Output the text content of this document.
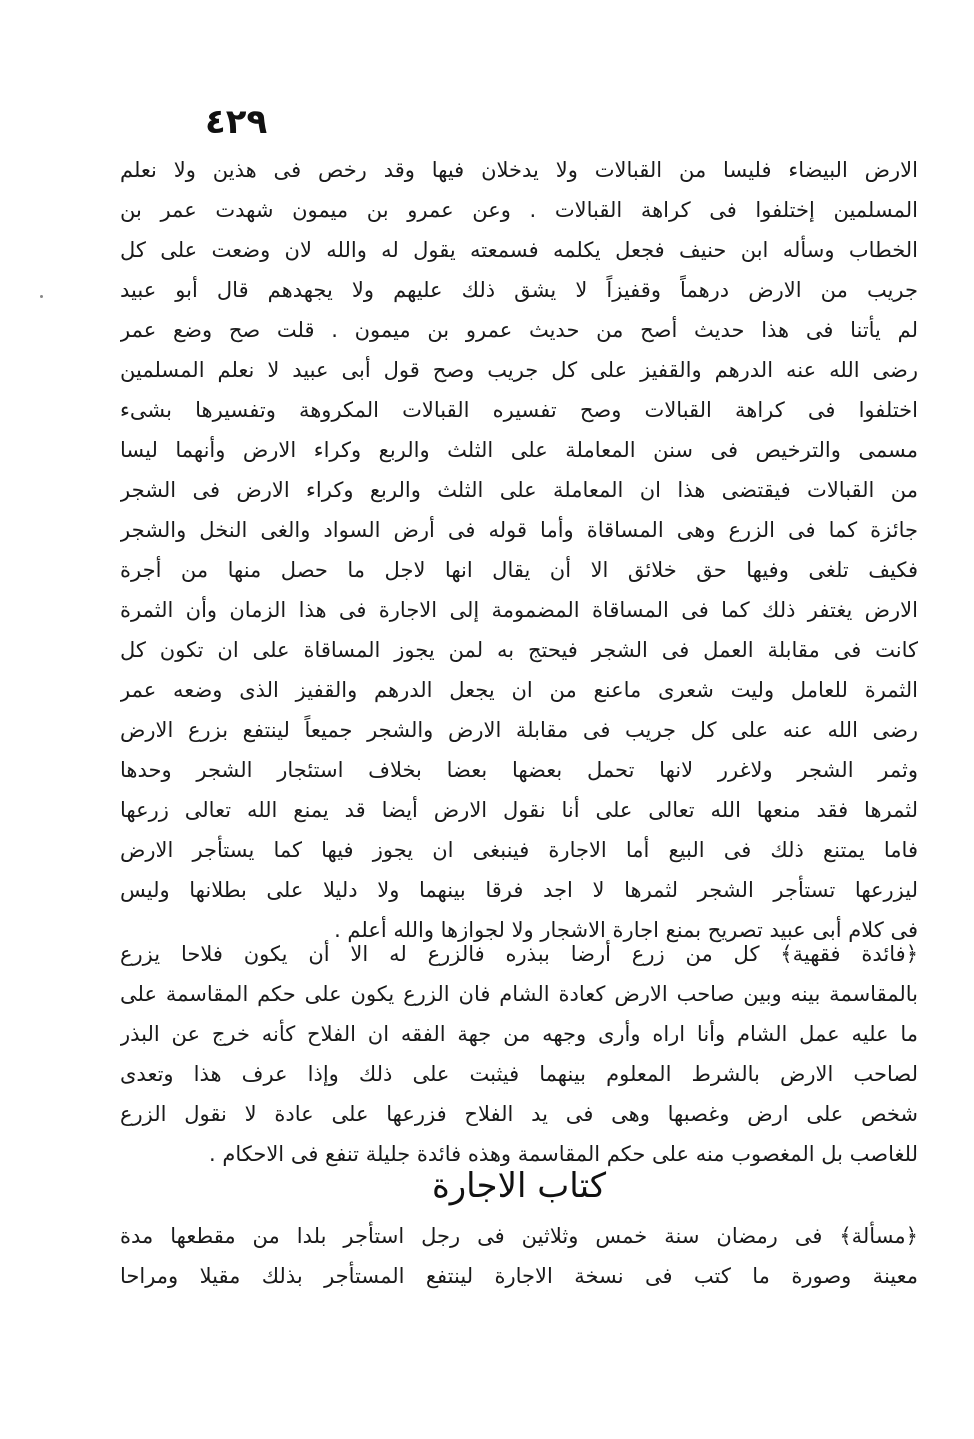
٤٢٩
الارض البيضاء فليسا من القبالات ولا يدخلان فيها وقد رخص فى هذين ولا نعلم
المسلمين إختلفوا فى كراهة القبالات . وعن عمرو بن ميمون شهدت عمر بن
الخطاب وسأله ابن حنيف فجعل يكلمه فسمعته يقول له والله لان وضعت على كل
جريب من الارض درهماً وقفيزاً لا يشق ذلك عليهم ولا يجهدهم قال أبو عبيد
لم يأتنا فى هذا حديث أصح من حديث عمرو بن ميمون . قلت صح وضع عمر
رضى الله عنه الدرهم والقفيز على كل جريب وصح قول أبى عبيد لا نعلم المسلمين
اختلفوا فى كراهة القبالات وصح تفسيره القبالات المكروهة وتفسيرها بشىء
مسمى والترخيص فى سنن المعاملة على الثلث والربع وكراء الارض وأنهما ليسا
من القبالات فيقتضى هذا ان المعاملة على الثلث والربع وكراء الارض فى الشجر
جائزة كما فى الزرع وهى المساقاة وأما قوله فى أرض السواد والغى النخل والشجر
فكيف تلغى وفيها حق خلائق الا أن يقال انها لاجل ما حصل منها من أجرة
الارض يغتفر ذلك كما فى المساقاة المضمومة إلى الاجارة فى هذا الزمان وأن الثمرة
كانت فى مقابلة العمل فى الشجر فيحتج به لمن يجوز المساقاة على ان تكون كل
الثمرة للعامل وليت شعرى ماعنع من ان يجعل الدرهم والقفيز الذى وضعه عمر
رضى الله عنه على كل جريب فى مقابلة الارض والشجر جميعاً لينتفع بزرع الارض
وثمر الشجر ولاغرر لانها تحمل بعضها بعضا بخلاف استئجار الشجر وحدها
لثمرها فقد منعها الله تعالى على أنا نقول الارض أيضا قد يمنع الله تعالى زرعها
فاما يمتنع ذلك فى البيع أما الاجارة فينبغى ان يجوز فيها كما يستأجر الارض
ليزرعها تستأجر الشجر لثمرها لا اجد فرقا بينهما ولا دليلا على بطلانها وليس
فى كلام أبى عبيد تصريح بمنع اجارة الاشجار ولا لجوازها والله أعلم .
﴿فائدة فقهية﴾ كل من زرع أرضا ببذره فالزرع له الا أن يكون فلاحا يزرع
بالمقاسمة بينه وبين صاحب الارض كعادة الشام فان الزرع يكون على حكم المقاسمة على
ما عليه عمل الشام وأنا اراه وأرى وجهه من جهة الفقه ان الفلاح كأنه خرج عن البذر
لصاحب الارض بالشرط المعلوم بينهما فيثبت على ذلك وإذا عرف هذا وتعدى
شخص على ارض وغصبها وهى فى يد الفلاح فزرعها على عادة لا نقول الزرع
للغاصب بل المغصوب منه على حكم المقاسمة وهذه فائدة جليلة تنفع فى الاحكام .
كتاب الاجارة
﴿مسألة﴾ فى رمضان سنة خمس وثلاثين فى رجل استأجر بلدا من مقطعها مدة
معينة وصورة ما كتب فى نسخة الاجارة لينتفع المستأجر بذلك مقيلا ومراحا
